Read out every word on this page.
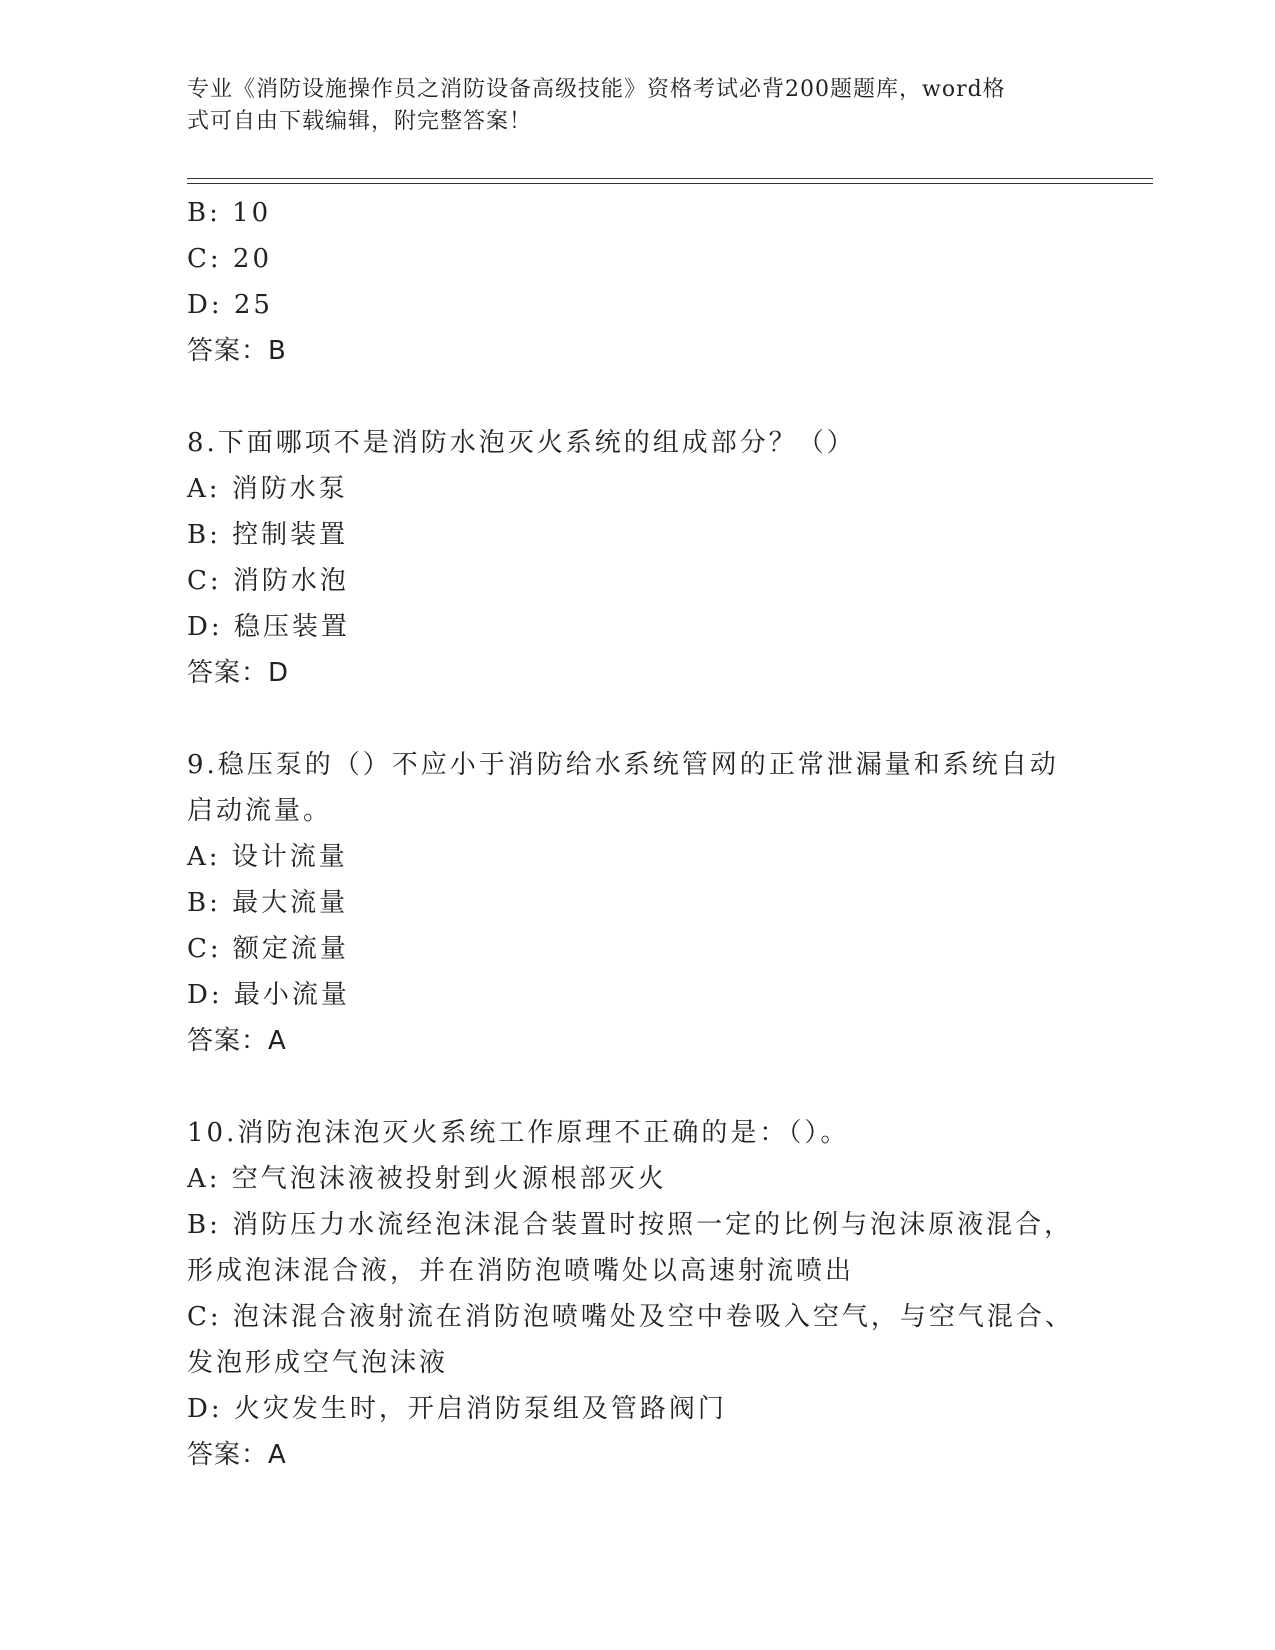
专业《消防设施操作员之消防设备高级技能》资格考试必背200题题库，word格
式可自由下载编辑，附完整答案！
B: 10
C: 20
D: 25
答案：B
8.下面哪项不是消防水泡灭火系统的组成部分？（）
A: 消防水泵
B: 控制装置
C: 消防水泡
D: 稳压装置
答案：D
9.稳压泵的（）不应小于消防给水系统管网的正常泄漏量和系统自动
启动流量。
A: 设计流量
B: 最大流量
C: 额定流量
D: 最小流量
答案：A
10.消防泡沫泡灭火系统工作原理不正确的是：（）。
A: 空气泡沫液被投射到火源根部灭火
B: 消防压力水流经泡沫混合装置时按照一定的比例与泡沫原液混合，
形成泡沫混合液，并在消防泡喷嘴处以高速射流喷出
C: 泡沫混合液射流在消防泡喷嘴处及空中卷吸入空气，与空气混合、
发泡形成空气泡沫液
D: 火灾发生时，开启消防泵组及管路阀门
答案：A
